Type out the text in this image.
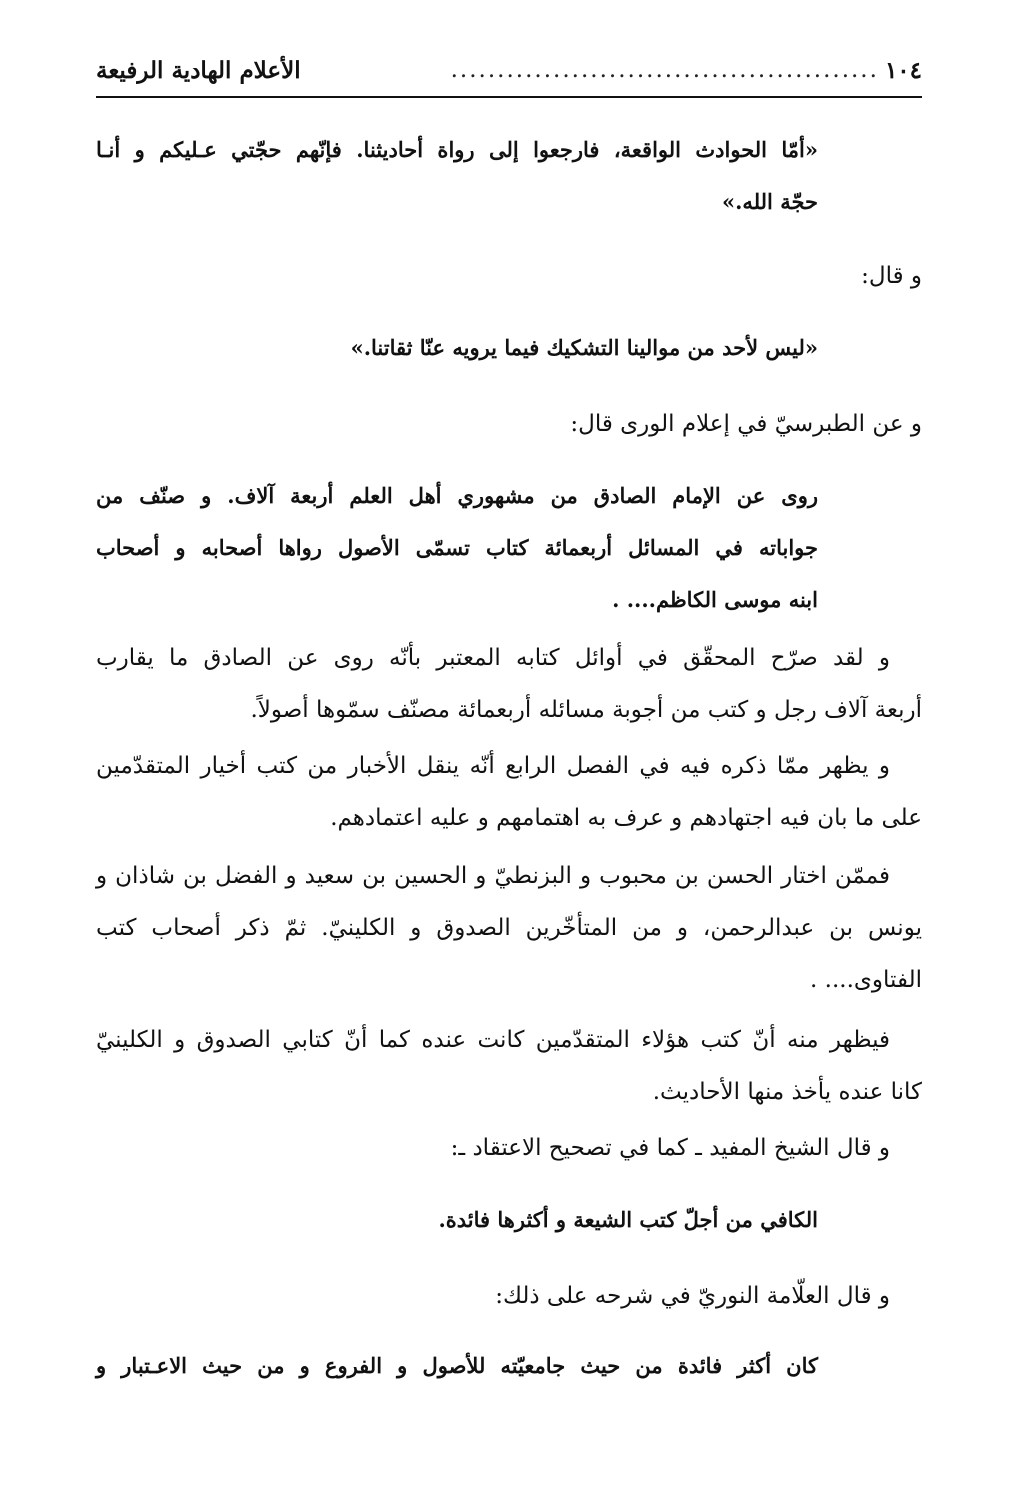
١٠٤
..............................................
الأعلام الهادية الرفيعة
«أمّا الحوادث الواقعة، فارجعوا إلى رواة أحاديثنا. فإنّهم حجّتي عـليكم و أنـا
حجّة الله.»
و قال:
«ليس لأحد من موالينا التشكيك فيما يرويه عنّا ثقاتنا.»
و عن الطبرسيّ في إعلام الورى قال:
روى عن الإمام الصادق من مشهوري أهل العلم أربعة آلاف. و صنّف من
جواباته في المسائل أربعمائة كتاب تسمّى الأصول رواها أصحابه و أصحاب
ابنه موسى الكاظم.... .
و لقد صرّح المحقّق في أوائل كتابه المعتبر بأنّه روى عن الصادق ما يقارب
أربعة آلاف رجل و كتب من أجوبة مسائله أربعمائة مصنّف سمّوها أصولاً.
و يظهر ممّا ذكره فيه في الفصل الرابع أنّه ينقل الأخبار من كتب أخيار المتقدّمين
على ما بان فيه اجتهادهم و عرف به اهتمامهم و عليه اعتمادهم.
فممّن اختار الحسن بن محبوب و البزنطيّ و الحسين بن سعيد و الفضل بن شاذان و
يونس بن عبدالرحمن، و من المتأخّرين الصدوق و الكلينيّ. ثمّ ذكر أصحاب كتب
الفتاوى.... .
فيظهر منه أنّ كتب هؤلاء المتقدّمين كانت عنده كما أنّ كتابي الصدوق و الكلينيّ
كانا عنده يأخذ منها الأحاديث.
و قال الشيخ المفيد ـ كما في تصحيح الاعتقاد ـ:
الكافي من أجلّ كتب الشيعة و أكثرها فائدة.
و قال العلّامة النوريّ في شرحه على ذلك:
كان أكثر فائدة من حيث جامعيّته للأصول و الفروع و من حيث الاعـتبار و
